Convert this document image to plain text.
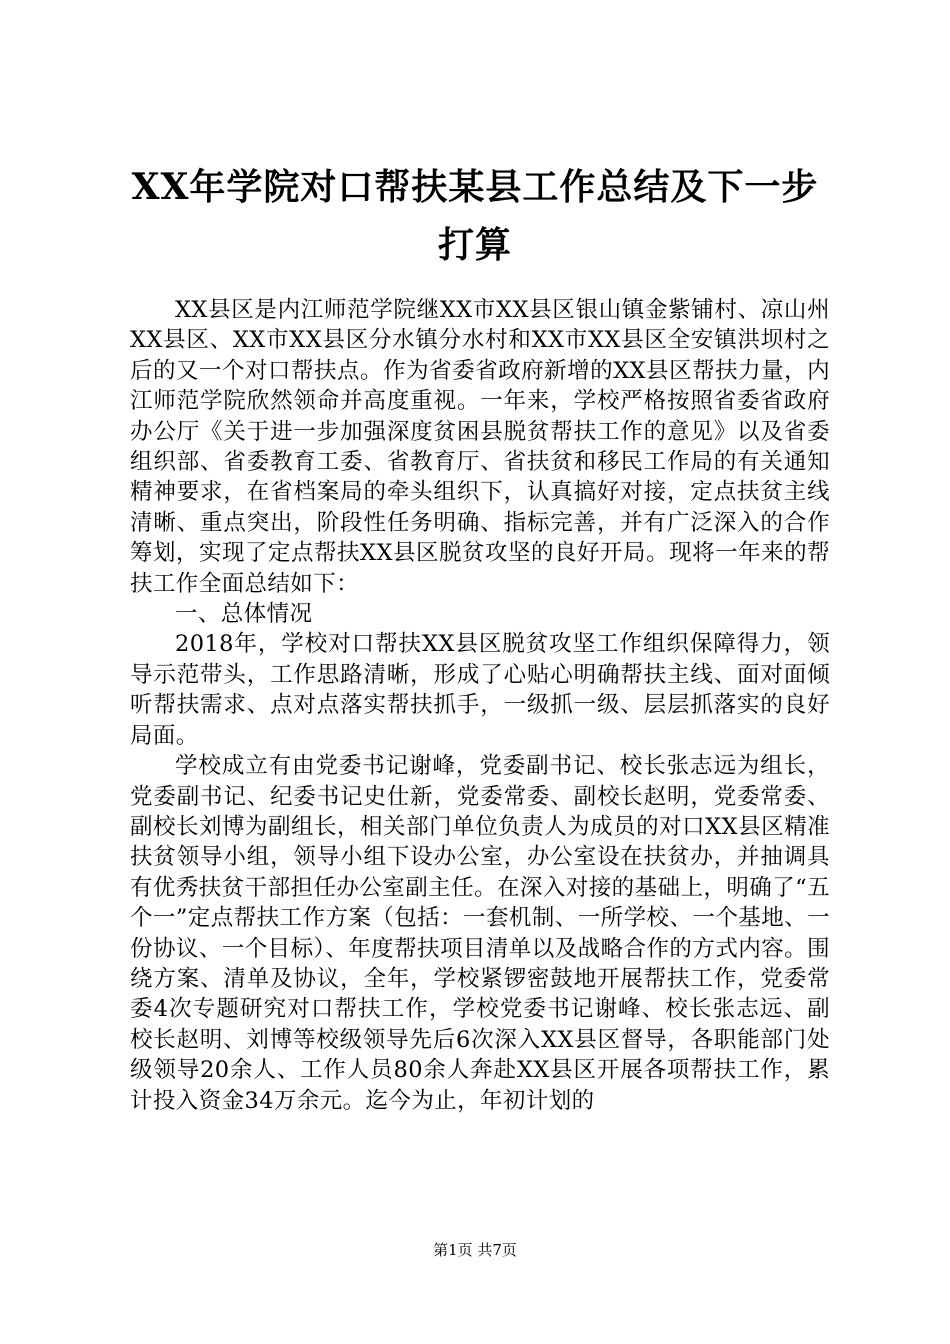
XX年学院对口帮扶某县工作总结及下一步打算

XX县区是内江师范学院继XX市XX县区银山镇金紫铺村、凉山州XX县区、XX市XX县区分水镇分水村和XX市XX县区全安镇洪坝村之后的又一个对口帮扶点。作为省委省政府新增的XX县区帮扶力量，内江师范学院欣然领命并高度重视。一年来，学校严格按照省委省政府办公厅《关于进一步加强深度贫困县脱贫帮扶工作的意见》以及省委组织部、省委教育工委、省教育厅、省扶贫和移民工作局的有关通知精神要求，在省档案局的牵头组织下，认真搞好对接，定点扶贫主线清晰、重点突出，阶段性任务明确、指标完善，并有广泛深入的合作筹划，实现了定点帮扶XX县区脱贫攻坚的良好开局。现将一年来的帮扶工作全面总结如下：

一、总体情况

2018年，学校对口帮扶XX县区脱贫攻坚工作组织保障得力，领导示范带头，工作思路清晰，形成了心贴心明确帮扶主线、面对面倾听帮扶需求、点对点落实帮扶抓手，一级抓一级、层层抓落实的良好局面。

学校成立有由党委书记谢峰，党委副书记、校长张志远为组长，党委副书记、纪委书记史仕新，党委常委、副校长赵明，党委常委、副校长刘博为副组长，相关部门单位负责人为成员的对口XX县区精准扶贫领导小组，领导小组下设办公室，办公室设在扶贫办，并抽调具有优秀扶贫干部担任办公室副主任。在深入对接的基础上，明确了“五个一”定点帮扶工作方案（包括：一套机制、一所学校、一个基地、一份协议、一个目标）、年度帮扶项目清单以及战略合作的方式内容。围绕方案、清单及协议，全年，学校紧锣密鼓地开展帮扶工作，党委常委4次专题研究对口帮扶工作，学校党委书记谢峰、校长张志远、副校长赵明、刘博等校级领导先后6次深入XX县区督导，各职能部门处级领导20余人、工作人员80余人奔赴XX县区开展各项帮扶工作，累计投入资金34万余元。迄今为止，年初计划的

第1页 共7页
